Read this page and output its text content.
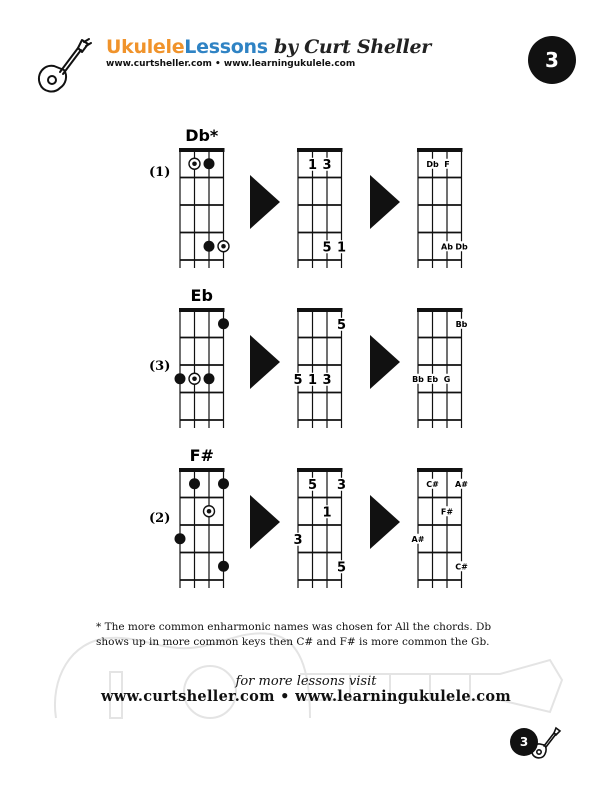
UkuleleLessons by Curt Sheller
www.curtsheller.com • www.learningukulele.com	3
(1)
Db*
1 3
5 1
Db F
Ab Db
(3)
Eb
5
5 1 3
Bb
Bb Eb G
(2)
F#
5 3
1
3
5
C# A#
F#
A#
C#
* The more common enharmonic names was chosen for All the chords. Db shows up in more common keys then C# and F# is more common the Gb.
for more lessons visit
www.curtsheller.com • www.learningukulele.com
3
